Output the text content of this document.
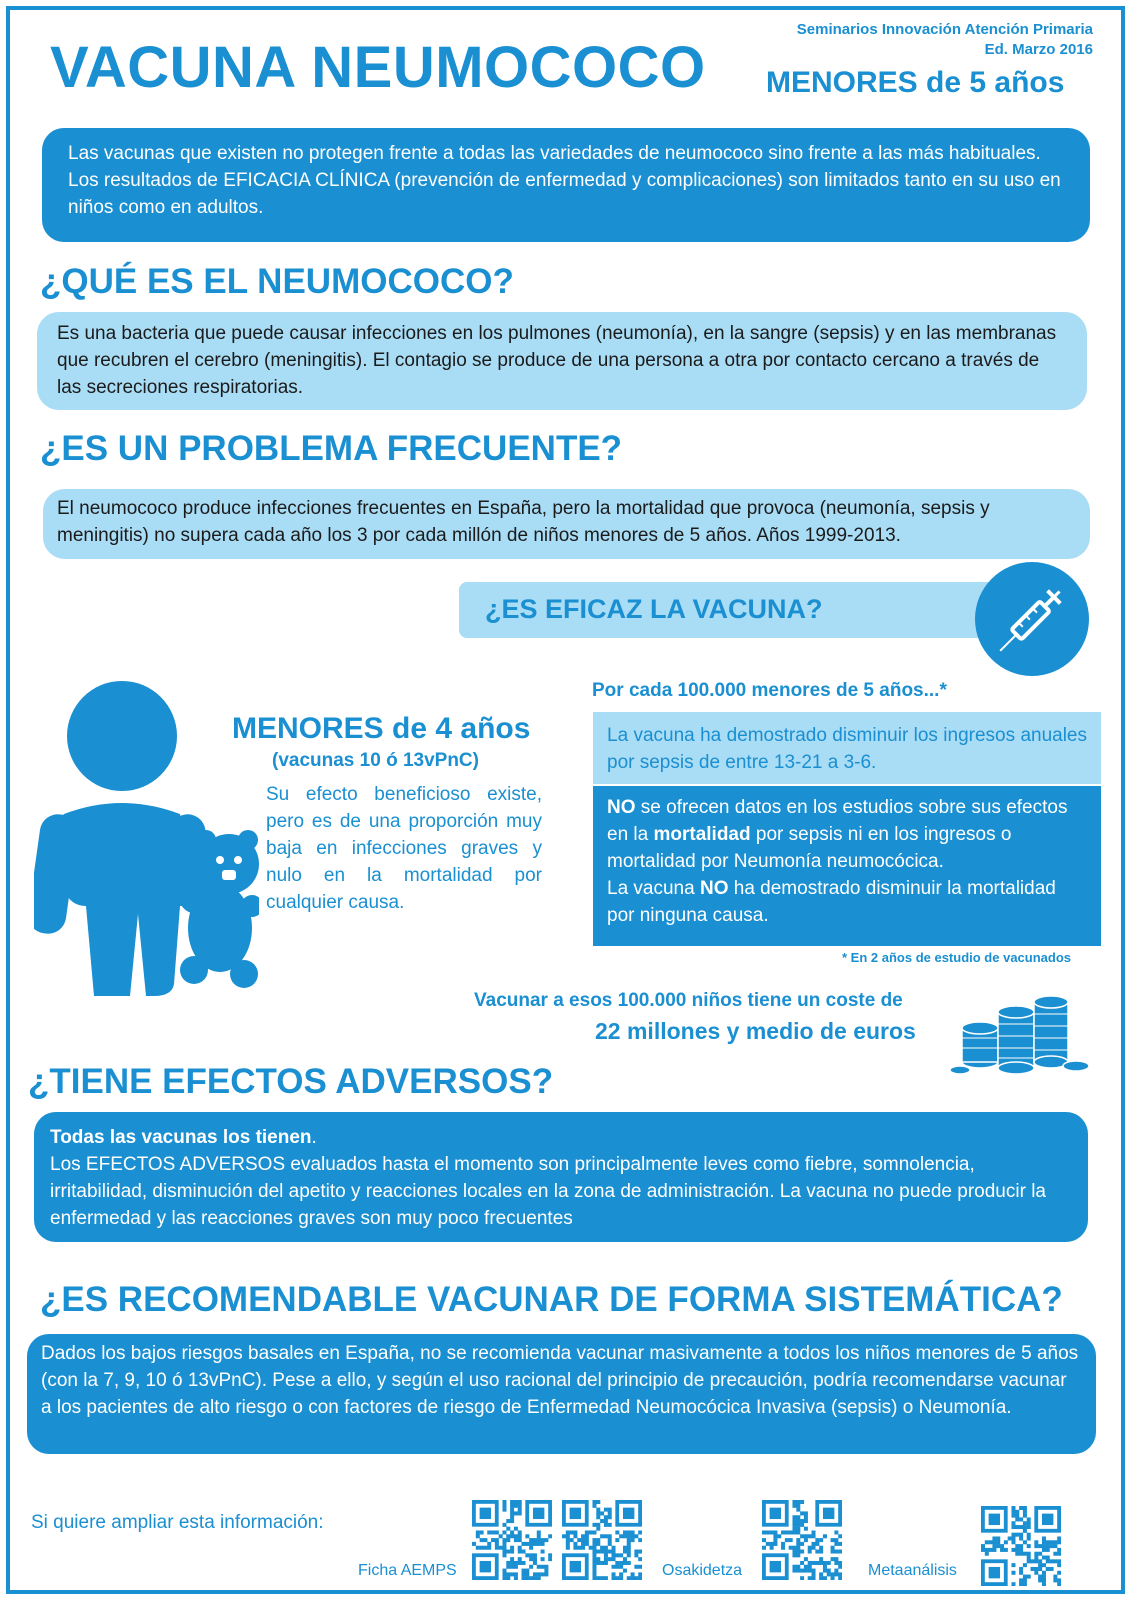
VACUNA NEUMOCOCO
Seminarios Innovación Atención Primaria
Ed. Marzo 2016
MENORES de 5 años
Las vacunas que existen no protegen frente a todas las variedades de neumococo sino frente a las más habituales. Los resultados de EFICACIA CLÍNICA (prevención de enfermedad y complicaciones) son limitados tanto en su uso en niños como en adultos.
¿QUÉ ES EL NEUMOCOCO?
Es una bacteria que puede causar infecciones en los pulmones (neumonía), en la sangre (sepsis) y en las membranas que recubren el cerebro (meningitis). El contagio se produce de una persona a otra por contacto cercano a través de las secreciones respiratorias.
¿ES UN PROBLEMA FRECUENTE?
El neumococo produce infecciones frecuentes en España, pero la mortalidad que provoca (neumonía, sepsis y meningitis) no supera cada año los 3 por cada millón de niños menores de 5 años. Años 1999-2013.
¿ES EFICAZ LA VACUNA?
MENORES de 4 años
(vacunas 10 ó 13vPnC)
Su efecto beneficioso existe, pero es de una proporción muy baja en infecciones graves y nulo en la mortalidad por cualquier causa.
Por cada 100.000 menores de 5 años...*
La vacuna ha demostrado disminuir los ingresos anuales por sepsis de entre 13-21 a 3-6.
NO se ofrecen datos en los estudios sobre sus efectos en la mortalidad por sepsis ni en los ingresos o mortalidad por Neumonía neumocócica.
La vacuna NO ha demostrado disminuir la mortalidad por ninguna causa.
* En 2 años de estudio de vacunados
Vacunar a esos 100.000 niños tiene un coste de
22 millones y medio de euros
¿TIENE EFECTOS ADVERSOS?
Todas las vacunas los tienen.
Los EFECTOS ADVERSOS evaluados hasta el momento son principalmente leves como fiebre, somnolencia, irritabilidad, disminución del apetito y reacciones locales en la zona de administración. La vacuna no puede producir la enfermedad y las reacciones graves son muy poco frecuentes
¿ES RECOMENDABLE VACUNAR DE FORMA SISTEMÁTICA?
Dados los bajos riesgos basales en España, no se recomienda vacunar masivamente a todos los niños menores de 5 años (con la 7, 9, 10 ó 13vPnC). Pese a ello, y según el uso racional del principio de precaución, podría recomendarse vacunar a los pacientes de alto riesgo o con factores de riesgo de Enfermedad Neumocócica Invasiva (sepsis) o Neumonía.
Si quiere ampliar esta información:
Ficha AEMPS	Osakidetza	Metaanálisis
